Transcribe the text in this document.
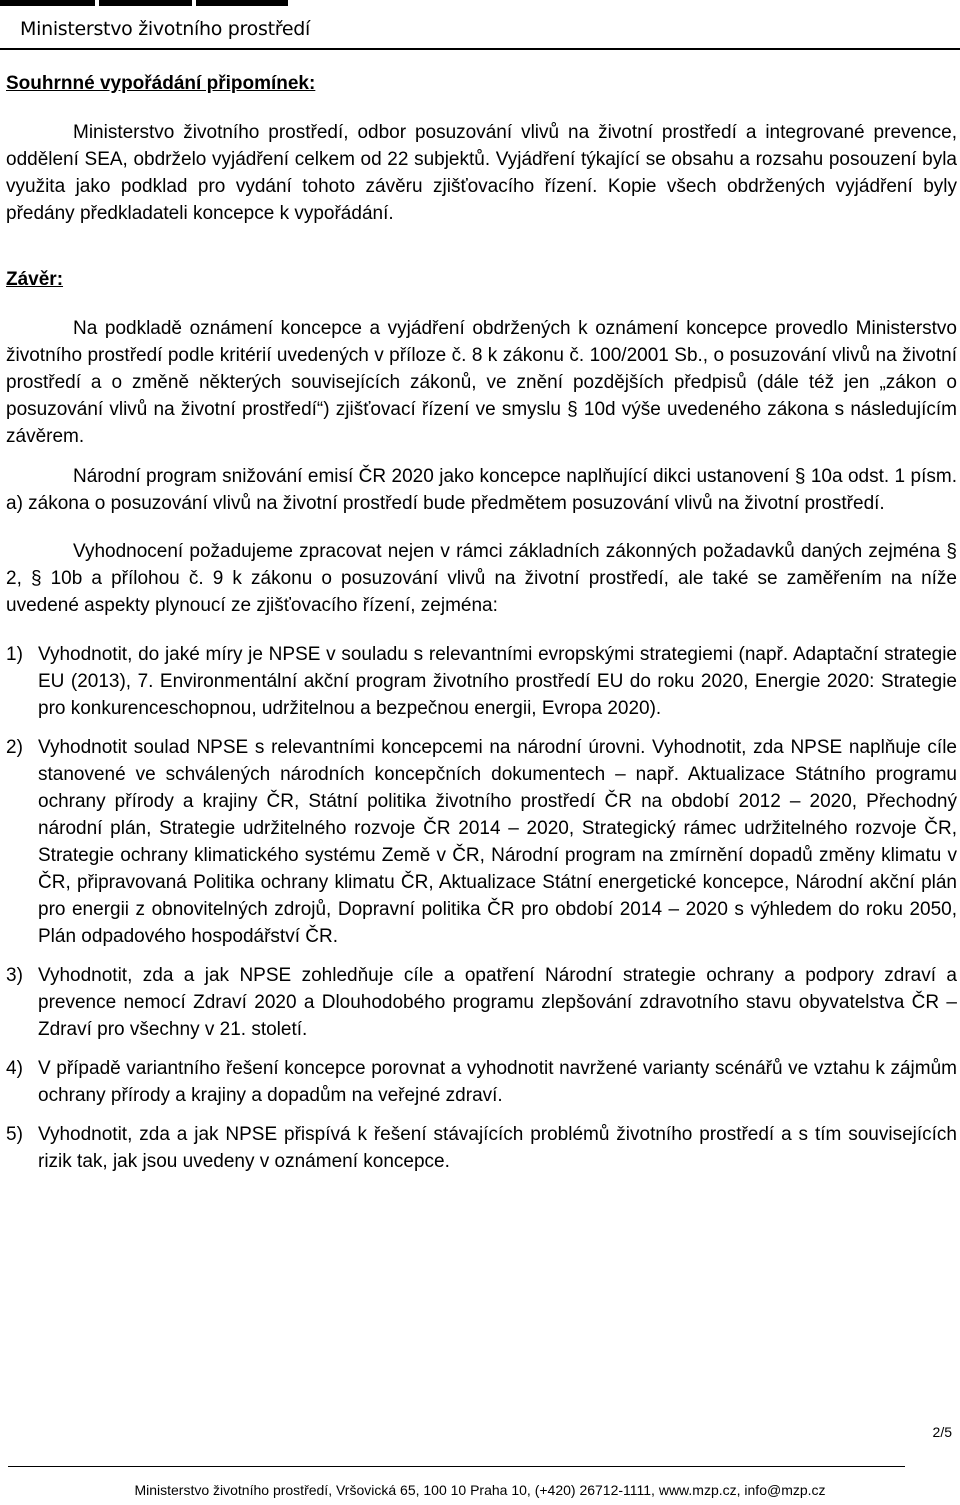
Ministerstvo životního prostředí

Souhrnné vypořádání připomínek:

Ministerstvo životního prostředí, odbor posuzování vlivů na životní prostředí a integrované prevence, oddělení SEA, obdrželo vyjádření celkem od 22 subjektů. Vyjádření týkající se obsahu a rozsahu posouzení byla využita jako podklad pro vydání tohoto závěru zjišťovacího řízení. Kopie všech obdržených vyjádření byly předány předkladateli koncepce k vypořádání.

Závěr:

Na podkladě oznámení koncepce a vyjádření obdržených k oznámení koncepce provedlo Ministerstvo životního prostředí podle kritérií uvedených v příloze č. 8 k zákonu č. 100/2001 Sb., o posuzování vlivů na životní prostředí a o změně některých souvisejících zákonů, ve znění pozdějších předpisů (dále též jen „zákon o posuzování vlivů na životní prostředí“) zjišťovací řízení ve smyslu § 10d výše uvedeného zákona s následujícím závěrem.

Národní program snižování emisí ČR 2020 jako koncepce naplňující dikci ustanovení § 10a odst. 1 písm. a) zákona o posuzování vlivů na životní prostředí bude předmětem posuzování vlivů na životní prostředí.

Vyhodnocení požadujeme zpracovat nejen v rámci základních zákonných požadavků daných zejména § 2, § 10b a přílohou č. 9 k zákonu o posuzování vlivů na životní prostředí, ale také se zaměřením na níže uvedené aspekty plynoucí ze zjišťovacího řízení, zejména:

1) Vyhodnotit, do jaké míry je NPSE v souladu s relevantními evropskými strategiemi (např. Adaptační strategie EU (2013), 7. Environmentální akční program životního prostředí EU do roku 2020, Energie 2020: Strategie pro konkurenceschopnou, udržitelnou a bezpečnou energii, Evropa 2020).
2) Vyhodnotit soulad NPSE s relevantními koncepcemi na národní úrovni. Vyhodnotit, zda NPSE naplňuje cíle stanovené ve schválených národních koncepčních dokumentech – např. Aktualizace Státního programu ochrany přírody a krajiny ČR, Státní politika životního prostředí ČR na období 2012 – 2020, Přechodný národní plán, Strategie udržitelného rozvoje ČR 2014 – 2020, Strategický rámec udržitelného rozvoje ČR, Strategie ochrany klimatického systému Země v ČR, Národní program na zmírnění dopadů změny klimatu v ČR, připravovaná Politika ochrany klimatu ČR, Aktualizace Státní energetické koncepce, Národní akční plán pro energii z obnovitelných zdrojů, Dopravní politika ČR pro období 2014 – 2020 s výhledem do roku 2050, Plán odpadového hospodářství ČR.
3) Vyhodnotit, zda a jak NPSE zohledňuje cíle a opatření Národní strategie ochrany a podpory zdraví a prevence nemocí Zdraví 2020 a Dlouhodobého programu zlepšování zdravotního stavu obyvatelstva ČR – Zdraví pro všechny v 21. století.
4) V případě variantního řešení koncepce porovnat a vyhodnotit navržené varianty scénářů ve vztahu k zájmům ochrany přírody a krajiny a dopadům na veřejné zdraví.
5) Vyhodnotit, zda a jak NPSE přispívá k řešení stávajících problémů životního prostředí a s tím souvisejících rizik tak, jak jsou uvedeny v oznámení koncepce.
2/5
Ministerstvo životního prostředí, Vršovická 65, 100 10 Praha 10, (+420) 26712-1111, www.mzp.cz, info@mzp.cz
